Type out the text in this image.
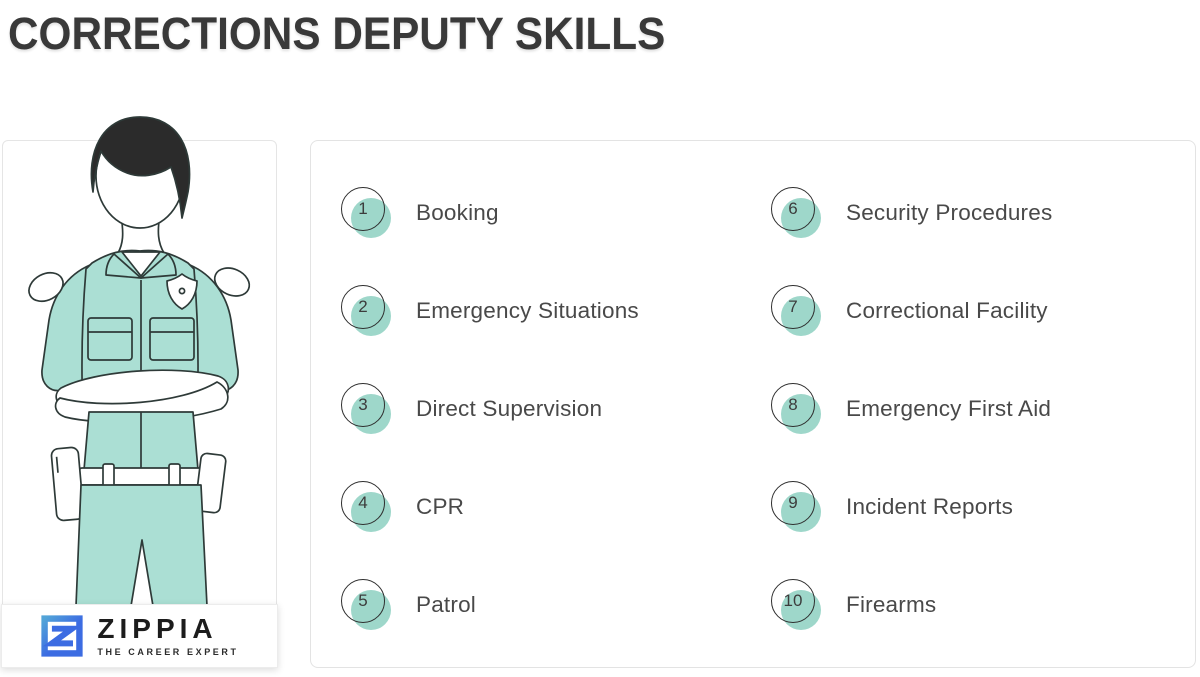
CORRECTIONS DEPUTY SKILLS
ZIPPIA
THE CAREER EXPERT
1	Booking
2	Emergency Situations
3	Direct Supervision
4	CPR
5	Patrol
6	Security Procedures
7	Correctional Facility
8	Emergency First Aid
9	Incident Reports
10	Firearms
